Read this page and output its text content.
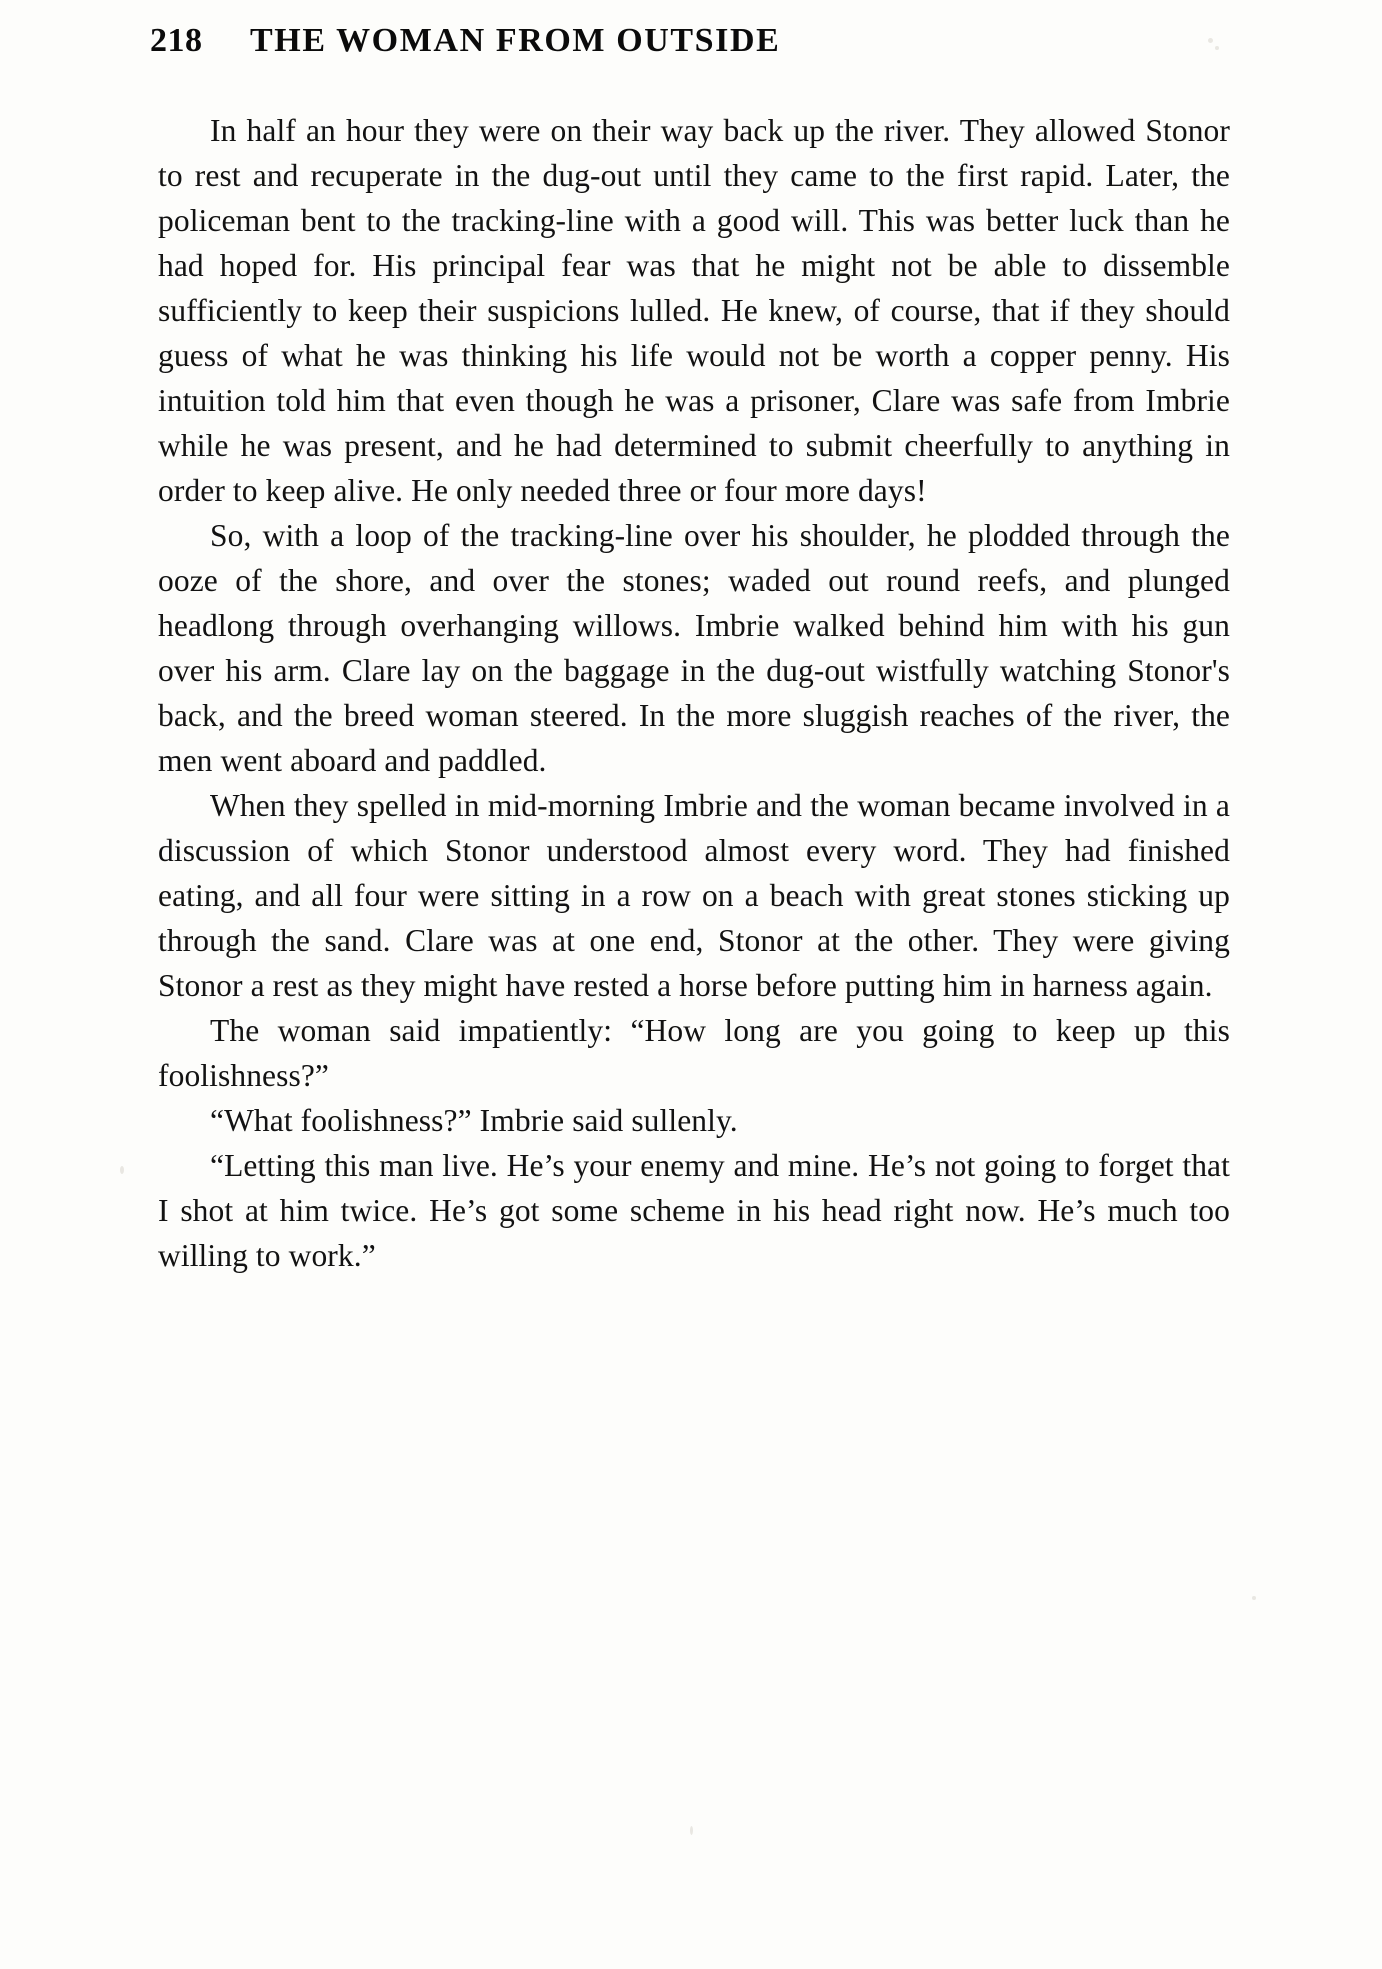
218	THE WOMAN FROM OUTSIDE

In half an hour they were on their way back up the river. They allowed Stonor to rest and recuperate in the dug-out until they came to the first rapid. Later, the policeman bent to the tracking-line with a good will. This was better luck than he had hoped for. His principal fear was that he might not be able to dissemble sufficiently to keep their suspicions lulled. He knew, of course, that if they should guess of what he was thinking his life would not be worth a copper penny. His intuition told him that even though he was a prisoner, Clare was safe from Imbrie while he was present, and he had determined to submit cheerfully to anything in order to keep alive. He only needed three or four more days!

So, with a loop of the tracking-line over his shoulder, he plodded through the ooze of the shore, and over the stones; waded out round reefs, and plunged headlong through overhanging willows. Imbrie walked behind him with his gun over his arm. Clare lay on the baggage in the dug-out wistfully watching Stonor's back, and the breed woman steered. In the more sluggish reaches of the river, the men went aboard and paddled.

When they spelled in mid-morning Imbrie and the woman became involved in a discussion of which Stonor understood almost every word. They had finished eating, and all four were sitting in a row on a beach with great stones sticking up through the sand. Clare was at one end, Stonor at the other. They were giving Stonor a rest as they might have rested a horse before putting him in harness again.

The woman said impatiently: “How long are you going to keep up this foolishness?”

“What foolishness?” Imbrie said sullenly.

“Letting this man live. He’s your enemy and mine. He’s not going to forget that I shot at him twice. He’s got some scheme in his head right now. He’s much too willing to work.”
